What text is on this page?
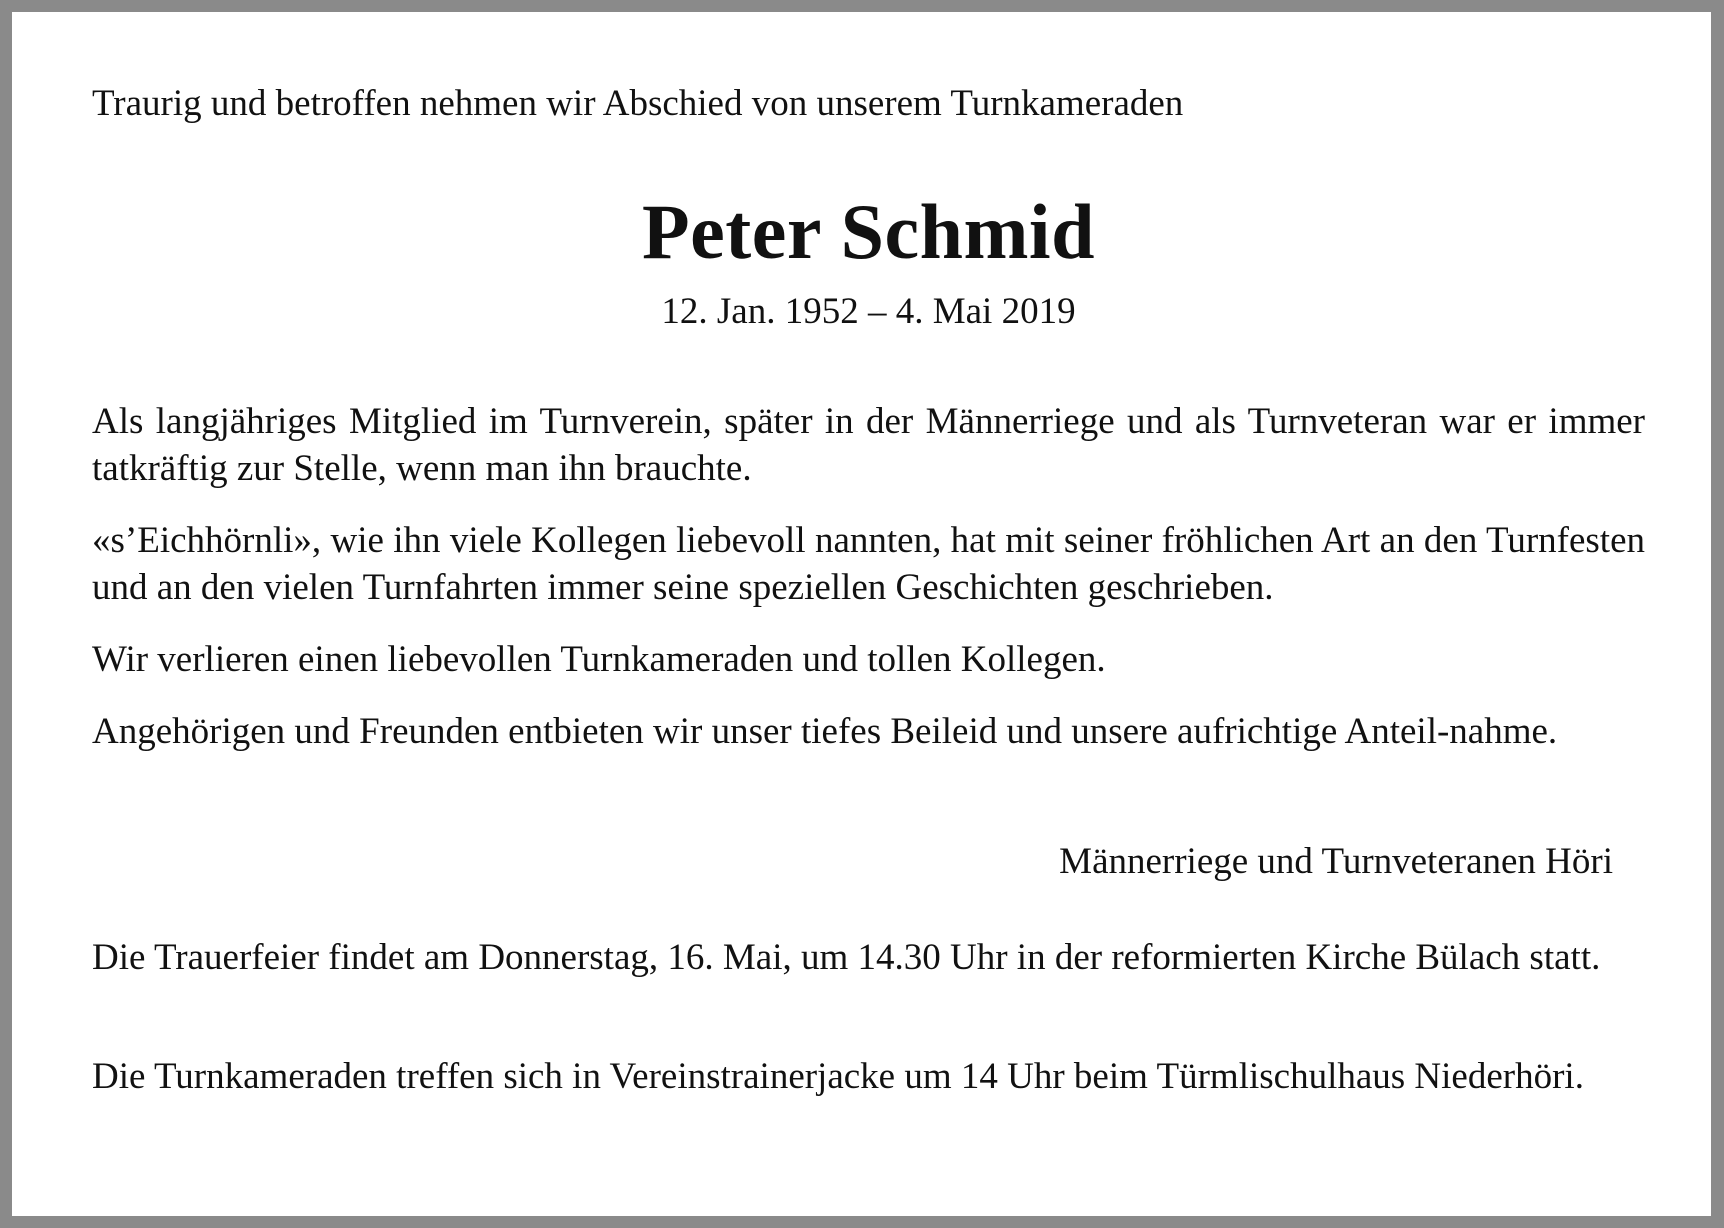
Traurig und betroffen nehmen wir Abschied von unserem Turnkameraden
Peter Schmid
12. Jan. 1952 – 4. Mai 2019

Als langjähriges Mitglied im Turnverein, später in der Männerriege und als Turnveteran war er immer tatkräftig zur Stelle, wenn man ihn brauchte.

«s’Eichhörnli», wie ihn viele Kollegen liebevoll nannten, hat mit seiner fröhlichen Art an den Turnfesten und an den vielen Turnfahrten immer seine speziellen Geschichten geschrieben.

Wir verlieren einen liebevollen Turnkameraden und tollen Kollegen.

Angehörigen und Freunden entbieten wir unser tiefes Beileid und unsere aufrichtige Anteil-nahme.

Männerriege und Turnveteranen Höri

Die Trauerfeier findet am Donnerstag, 16. Mai, um 14.30 Uhr in der reformierten Kirche Bülach statt.

Die Turnkameraden treffen sich in Vereinstrainerjacke um 14 Uhr beim Türmlischulhaus Niederhöri.
